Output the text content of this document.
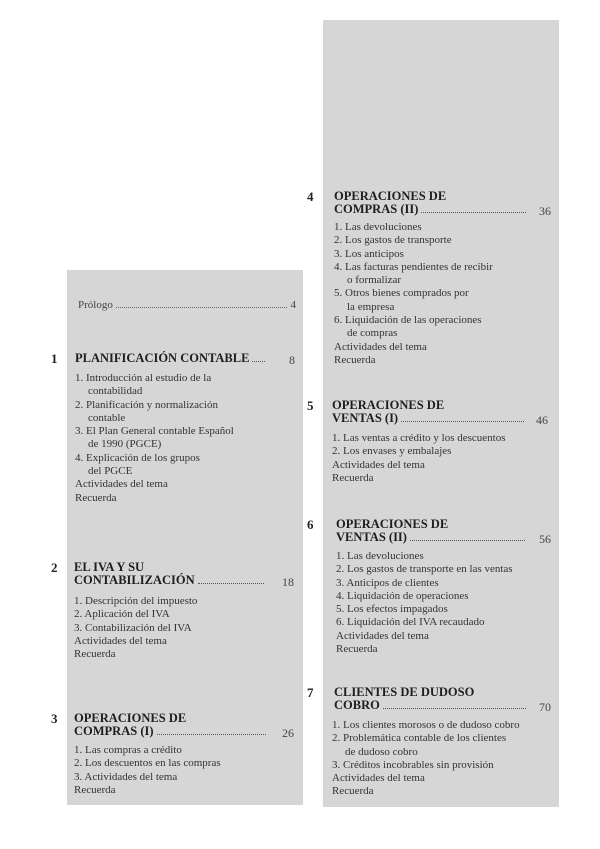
Prólogo	4
1 PLANIFICACIÓN CONTABLE	8
1. Introducción al estudio de la
contabilidad
2. Planificación y normalización
contable
3. El Plan General contable Español
de 1990 (PGCE)
4. Explicación de los grupos
del PGCE
Actividades del tema
Recuerda
2 EL IVA Y SU
CONTABILIZACIÓN	18
1. Descripción del impuesto
2. Aplicación del IVA
3. Contabilización del IVA
Actividades del tema
Recuerda
3 OPERACIONES DE
COMPRAS (I)	26
1. Las compras a crédito
2. Los descuentos en las compras
3. Actividades del tema
Recuerda
4 OPERACIONES DE
COMPRAS (II)	36
1. Las devoluciones
2. Los gastos de transporte
3. Los anticipos
4. Las facturas pendientes de recibir
o formalizar
5. Otros bienes comprados por
la empresa
6. Liquidación de las operaciones
de compras
Actividades del tema
Recuerda
5 OPERACIONES DE
VENTAS (I)	46
1. Las ventas a crédito y los descuentos
2. Los envases y embalajes
Actividades del tema
Recuerda
6 OPERACIONES DE
VENTAS (II)	56
1. Las devoluciones
2. Los gastos de transporte en las ventas
3. Anticipos de clientes
4. Liquidación de operaciones
5. Los efectos impagados
6. Liquidación del IVA recaudado
Actividades del tema
Recuerda
7 CLIENTES DE DUDOSO
COBRO	70
1. Los clientes morosos o de dudoso cobro
2. Problemática contable de los clientes
de dudoso cobro
3. Créditos incobrables sin provisión
Actividades del tema
Recuerda
